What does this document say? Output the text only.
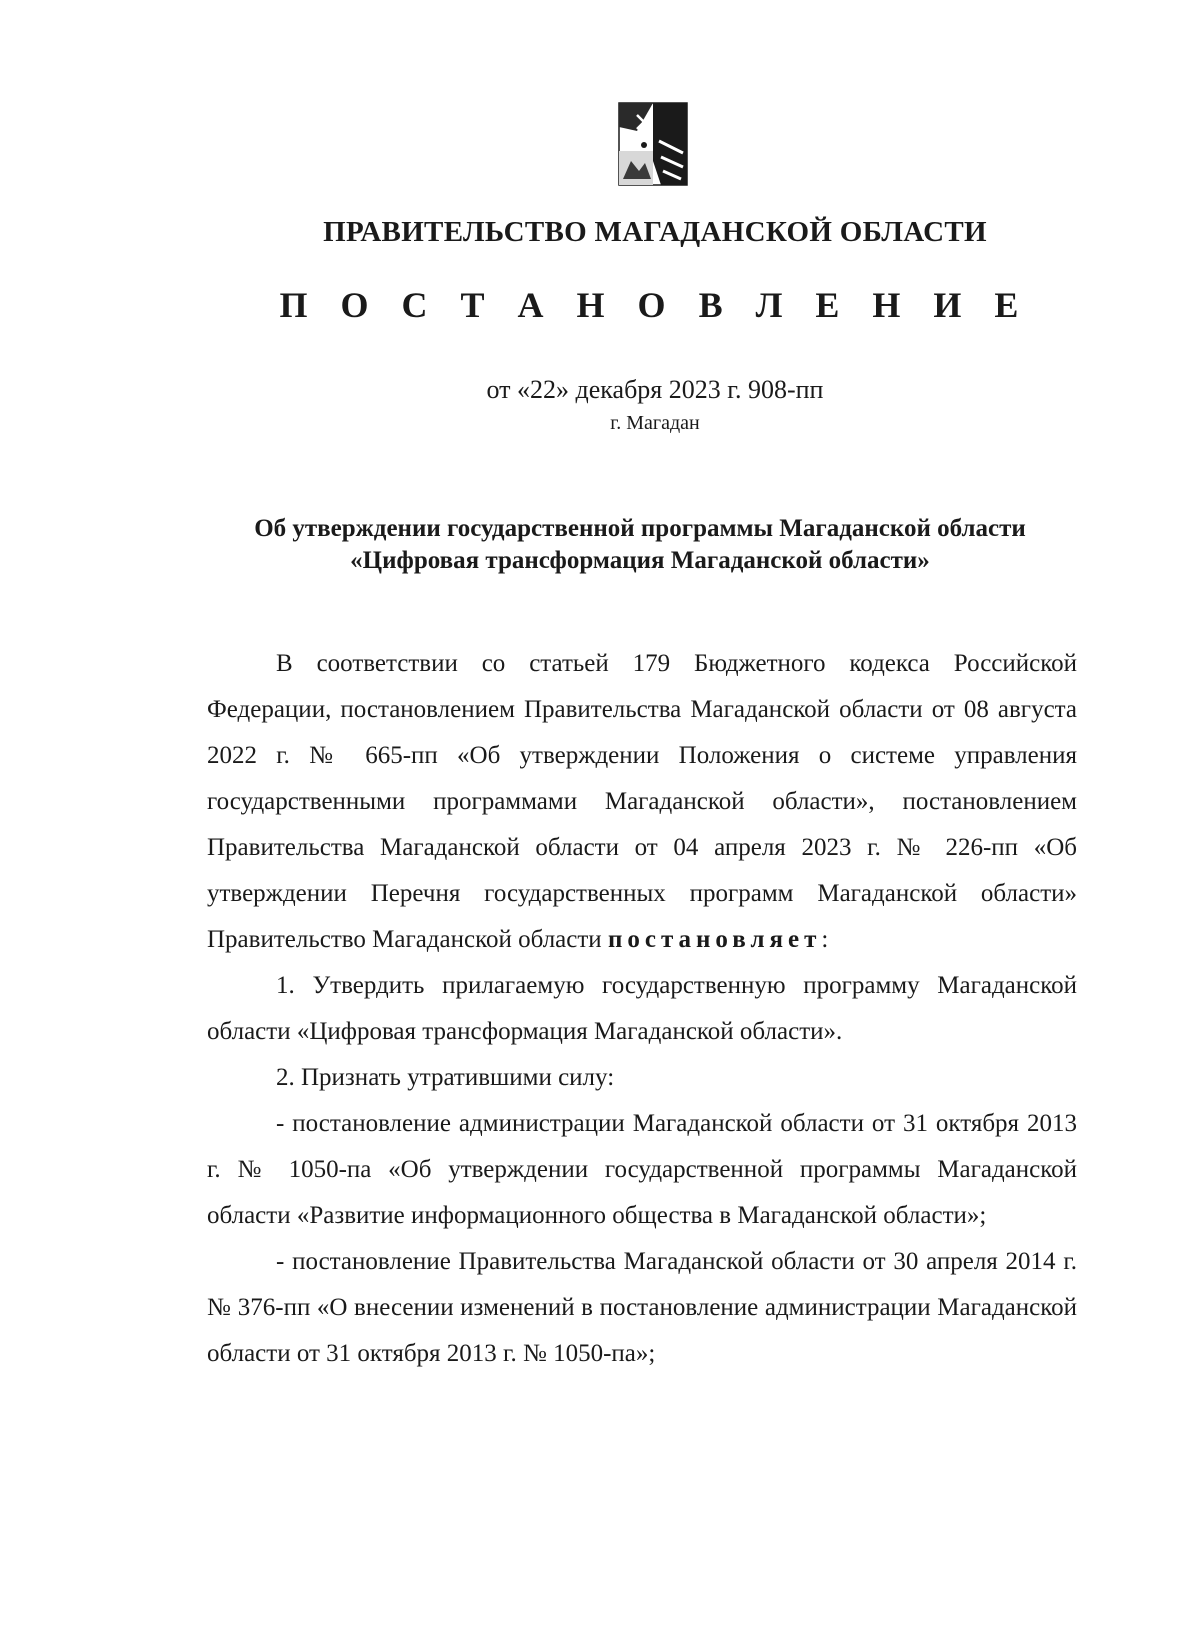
ПРАВИТЕЛЬСТВО МАГАДАНСКОЙ ОБЛАСТИ
П О С Т А Н О В Л Е Н И Е
от «22» декабря 2023 г. 908-пп
г. Магадан
Об утверждении государственной программы Магаданской области
«Цифровая трансформация Магаданской области»

В соответствии со статьей 179 Бюджетного кодекса Российской Федерации, постановлением Правительства Магаданской области от 08 августа 2022 г. № 665-пп «Об утверждении Положения о системе управления государственными программами Магаданской области», постановлением Правительства Магаданской области от 04 апреля 2023 г. № 226-пп «Об утверждении Перечня государственных программ Магаданской области» Правительство Магаданской области постановляет:

1. Утвердить прилагаемую государственную программу Магаданской области «Цифровая трансформация Магаданской области».

2. Признать утратившими силу:

- постановление администрации Магаданской области от 31 октября 2013 г. № 1050-па «Об утверждении государственной программы Магаданской области «Развитие информационного общества в Магаданской области»;

- постановление Правительства Магаданской области от 30 апреля 2014 г. № 376-пп «О внесении изменений в постановление администрации Магаданской области от 31 октября 2013 г. № 1050-па»;
